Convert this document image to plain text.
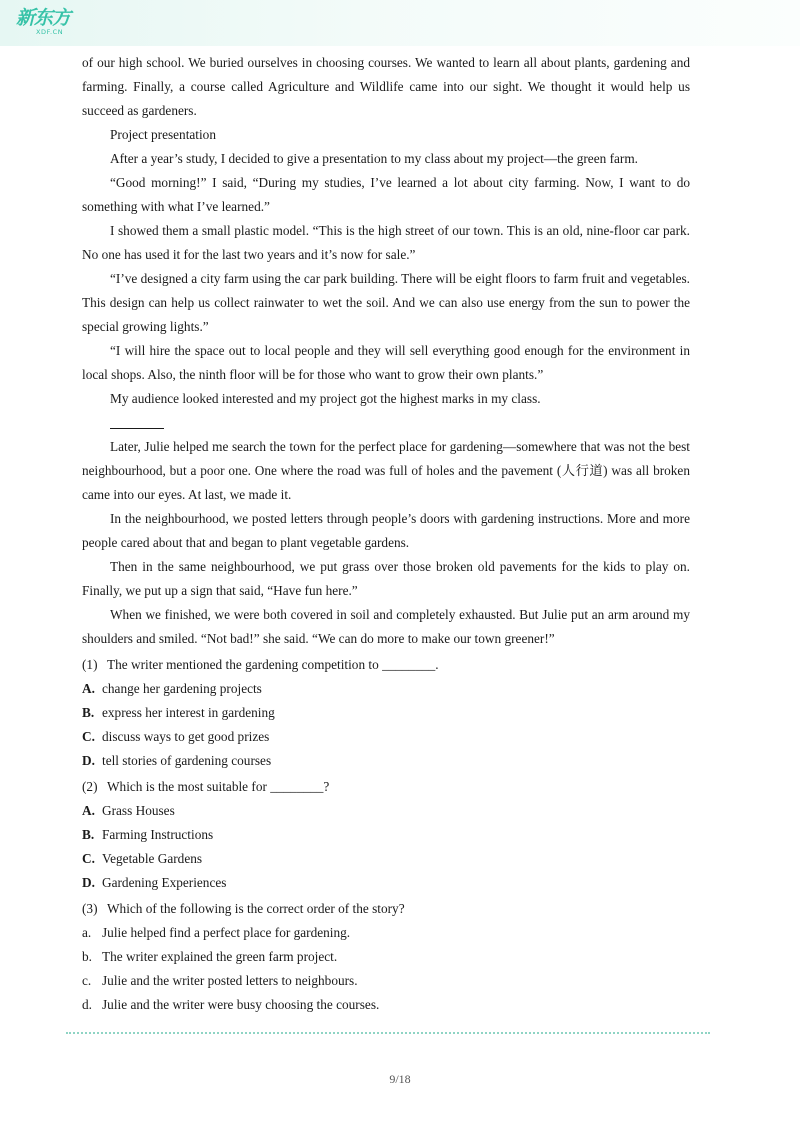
新东方
XDF.CN

of our high school. We buried ourselves in choosing courses. We wanted to learn all about plants, gardening and farming. Finally, a course called Agriculture and Wildlife came into our sight. We thought it would help us succeed as gardeners.

Project presentation

After a year’s study, I decided to give a presentation to my class about my project—the green farm.

“Good morning!” I said, “During my studies, I’ve learned a lot about city farming. Now, I want to do something with what I’ve learned.”

I showed them a small plastic model. “This is the high street of our town. This is an old, nine-floor car park. No one has used it for the last two years and it’s now for sale.”

“I’ve designed a city farm using the car park building. There will be eight floors to farm fruit and vegetables. This design can help us collect rainwater to wet the soil. And we can also use energy from the sun to power the special growing lights.”

“I will hire the space out to local people and they will sell everything good enough for the environment in local shops. Also, the ninth floor will be for those who want to grow their own plants.”

My audience looked interested and my project got the highest marks in my class.

Later, Julie helped me search the town for the perfect place for gardening—somewhere that was not the best neighbourhood, but a poor one. One where the road was full of holes and the pavement (人行道) was all broken came into our eyes. At last, we made it.

In the neighbourhood, we posted letters through people’s doors with gardening instructions. More and more people cared about that and began to plant vegetable gardens.

Then in the same neighbourhood, we put grass over those broken old pavements for the kids to play on. Finally, we put up a sign that said, “Have fun here.”

When we finished, we were both covered in soil and completely exhausted. But Julie put an arm around my shoulders and smiled. “Not bad!” she said. “We can do more to make our town greener!”

(1) The writer mentioned the gardening competition to ________.

A. change her gardening projects

B. express her interest in gardening

C. discuss ways to get good prizes

D. tell stories of gardening courses

(2) Which is the most suitable for ________?

A. Grass Houses

B. Farming Instructions

C. Vegetable Gardens

D. Gardening Experiences

(3) Which of the following is the correct order of the story?

a. Julie helped find a perfect place for gardening.

b. The writer explained the green farm project.

c. Julie and the writer posted letters to neighbours.

d. Julie and the writer were busy choosing the courses.

9/18
